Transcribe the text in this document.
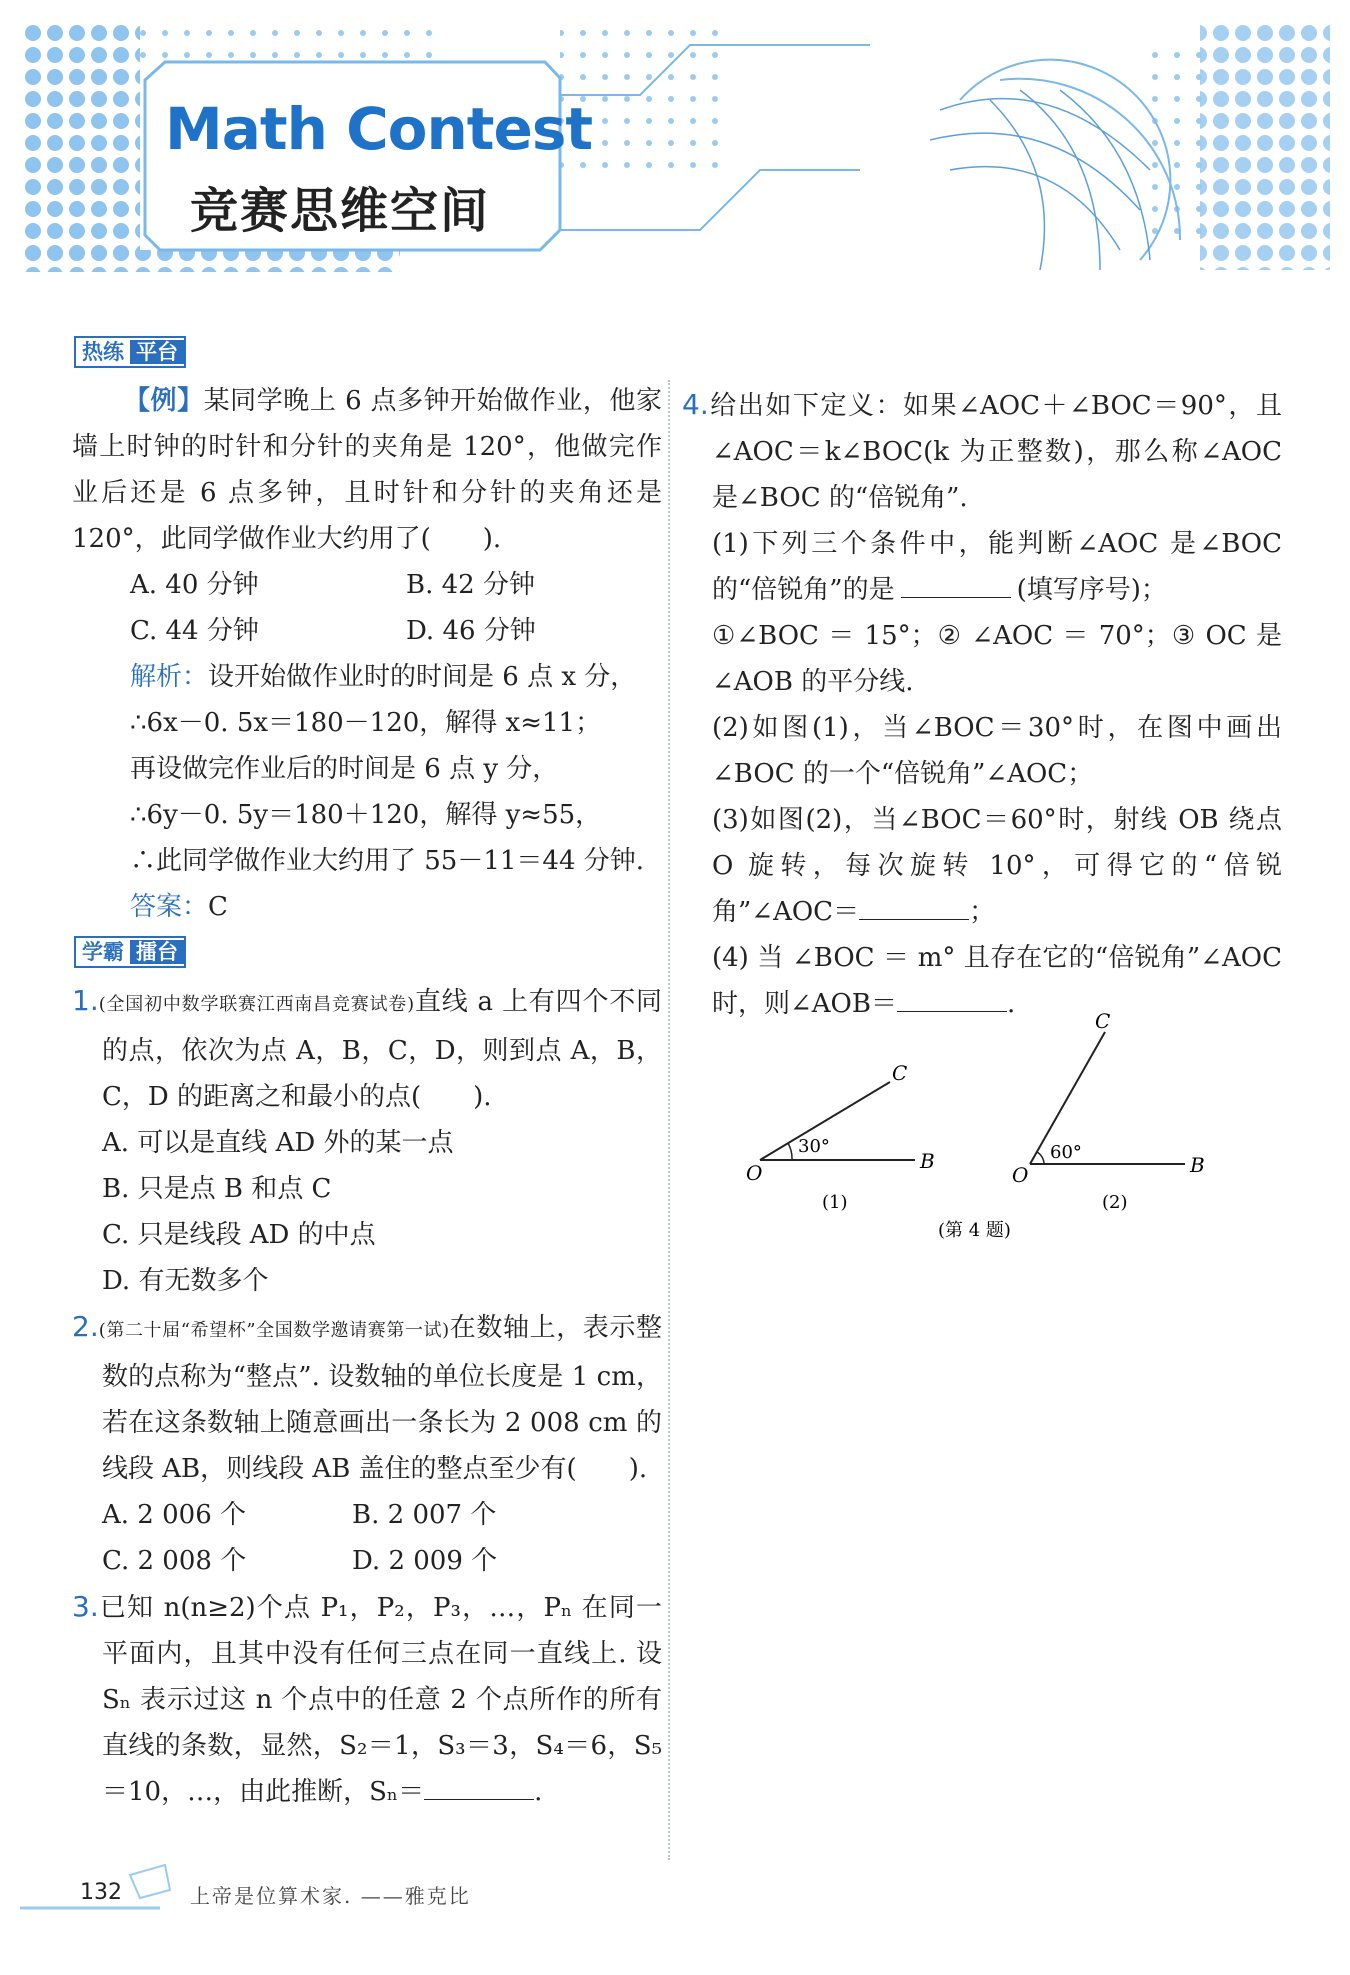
Math Contest
竞赛思维空间
热练 平台

【例】某同学晚上 6 点多钟开始做作业，他家墙上时钟的时针和分针的夹角是 120°，他做完作业后还是 6 点多钟，且时针和分针的夹角还是 120°，此同学做作业大约用了(　　).

A. 40 分钟	B. 42 分钟
C. 44 分钟	D. 46 分钟

解析：设开始做作业时的时间是 6 点 x 分，

∴6x－0. 5x＝180－120，解得 x≈11；

再设做完作业后的时间是 6 点 y 分，

∴6y－0. 5y＝180＋120，解得 y≈55，

∴此同学做作业大约用了 55－11＝44 分钟.

答案：C

学霸 擂台

1.(全国初中数学联赛江西南昌竞赛试卷)直线 a 上有四个不同的点，依次为点 A，B，C，D，则到点 A，B，C，D 的距离之和最小的点(　　).

A. 可以是直线 AD 外的某一点

B. 只是点 B 和点 C

C. 只是线段 AD 的中点

D. 有无数多个

2.(第二十届“希望杯”全国数学邀请赛第一试)在数轴上，表示整数的点称为“整点”. 设数轴的单位长度是 1 cm，若在这条数轴上随意画出一条长为 2 008 cm 的线段 AB，则线段 AB 盖住的整点至少有(　　).

A. 2 006 个	B. 2 007 个
C. 2 008 个	D. 2 009 个

3.已知 n(n≥2)个点 P₁，P₂，P₃，…，Pₙ 在同一平面内，且其中没有任何三点在同一直线上. 设 Sₙ 表示过这 n 个点中的任意 2 个点所作的所有直线的条数，显然，S₂＝1，S₃＝3，S₄＝6，S₅＝10，…，由此推断，Sₙ＝	.

4.给出如下定义：如果∠AOC＋∠BOC＝90°，且∠AOC＝k∠BOC(k 为正整数)，那么称∠AOC 是∠BOC 的“倍锐角”.

(1)下列三个条件中，能判断∠AOC 是∠BOC 的“倍锐角”的是	(填写序号)；

①∠BOC ＝ 15°；② ∠AOC ＝ 70°；③ OC 是∠AOB 的平分线.

(2)如图(1)，当∠BOC＝30°时，在图中画出∠BOC 的一个“倍锐角”∠AOC；

(3)如图(2)，当∠BOC＝60°时，射线 OB 绕点 O 旋转，每次旋转 10°，可得它的“倍锐角”∠AOC＝	；

(4) 当 ∠BOC ＝ m° 且存在它的“倍锐角”∠AOC 时，则∠AOB＝	.

O	B
C
30°
(1)
O	B
C
60°
(2)
(第 4 题)
132	上帝是位算术家. ——雅克比
